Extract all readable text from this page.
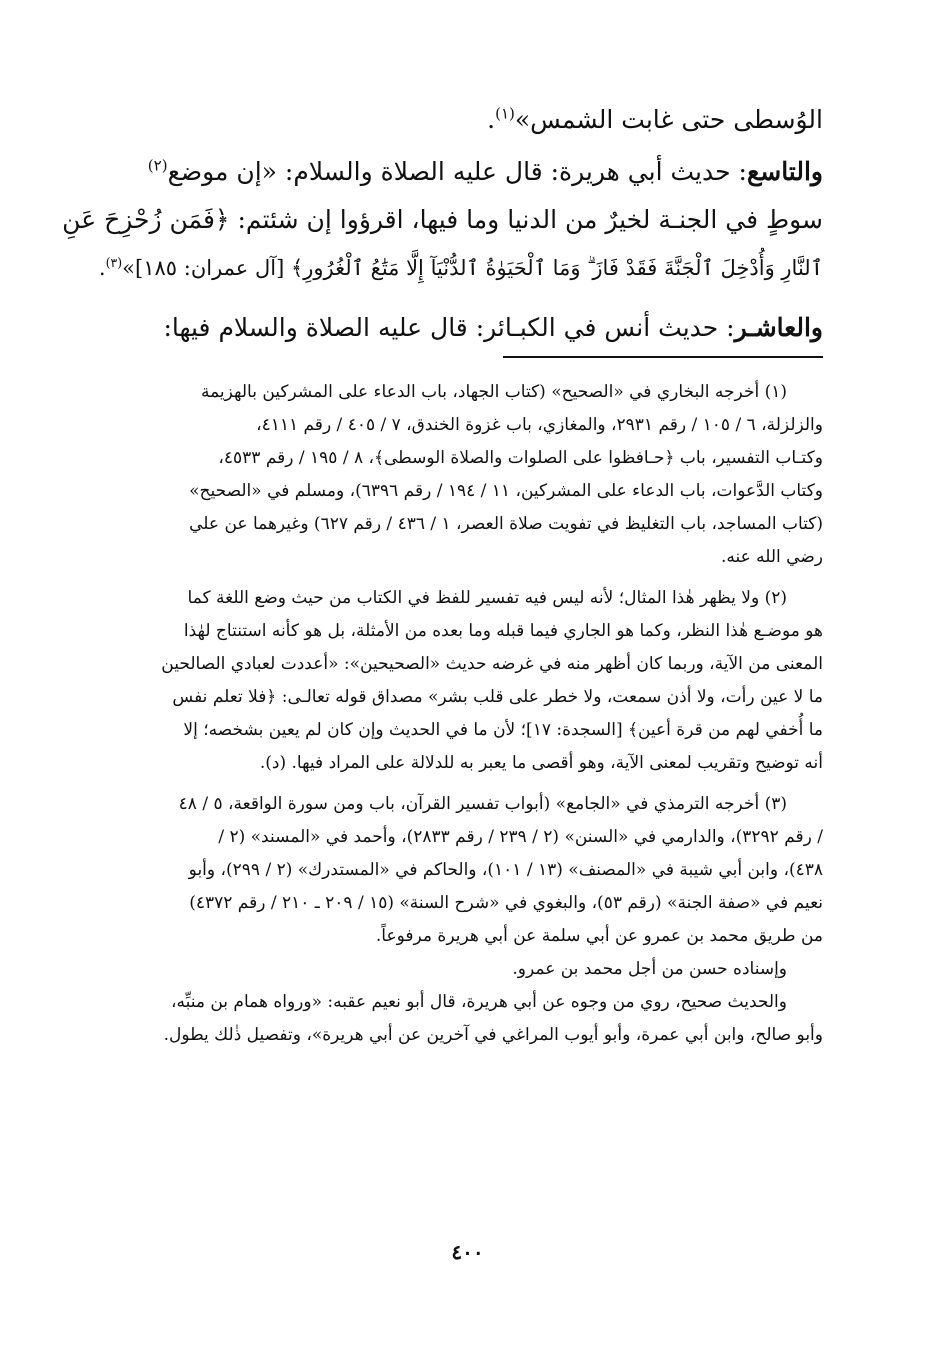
الوُسطى حتى غابت الشمس»$^{(١)}$.
والتاسع: حديث أبي هريرة: قال عليه الصلاة والسلام: «إن موضع$^{(٢)}$
سوطٍ في الجنـة لخيرٌ من الدنيا وما فيها، اقرؤوا إن شئتم: ﴿فَمَن زُحْزِحَ عَنِ
ٱلنَّارِ وَأُدْخِلَ ٱلْجَنَّةَ فَقَدْ فَازَ ۗ وَمَا ٱلْحَيَوٰةُ ٱلدُّنْيَآ إِلَّا مَتَٰعُ ٱلْغُرُورِ﴾ [آل عمران: ١٨٥]»$^{(٣)}$.
والعاشـر: حديث أنس في الكبـائر: قال عليه الصلاة والسلام فيها:

(١) أخرجه البخاري في «الصحيح» (كتاب الجهاد، باب الدعاء على المشركين بالهزيمة

والزلزلة، ٦ / ١٠٥ / رقم ٢٩٣١، والمغازي، باب غزوة الخندق، ٧ / ٤٠٥ / رقم ٤١١١،

وكتـاب التفسير، باب ﴿حـافظوا على الصلوات والصلاة الوسطى﴾، ٨ / ١٩٥ / رقم ٤٥٣٣،

وكتاب الدَّعوات، باب الدعاء على المشركين، ١١ / ١٩٤ / رقم ٦٣٩٦)، ومسلم في «الصحيح»

(كتاب المساجد، باب التغليظ في تفويت صلاة العصر، ١ / ٤٣٦ / رقم ٦٢٧) وغيرهما عن علي

رضي الله عنه.

(٢) ولا يظهر هٰذا المثال؛ لأنه ليس فيه تفسير للفظ في الكتاب من حيث وضع اللغة كما

هو موضـع هٰذا النظر، وكما هو الجاري فيما قبله وما بعده من الأمثلة، بل هو كأنه استنتاج لهٰذا

المعنى من الآية، وربما كان أظهر منه في غرضه حديث «الصحيحين»: «أعددت لعبادي الصالحين

ما لا عين رأت، ولا أذن سمعت، ولا خطر على قلب بشر» مصداق قوله تعالـى: ﴿فلا تعلم نفس

ما أُخفي لهم من قرة أعين﴾ [السجدة: ١٧]؛ لأن ما في الحديث وإن كان لم يعين بشخصه؛ إلا

أنه توضيح وتقريب لمعنى الآية، وهو أقصى ما يعبر به للدلالة على المراد فيها. (د).

(٣) أخرجه الترمذي في «الجامع» (أبواب تفسير القرآن، باب ومن سورة الواقعة، ٥ / ٤٨

/ رقم ٣٢٩٢)، والدارمي في «السنن» (٢ / ٢٣٩ / رقم ٢٨٣٣)، وأحمد في «المسند» (٢ /

٤٣٨)، وابن أبي شيبة في «المصنف» (١٣ / ١٠١)، والحاكم في «المستدرك» (٢ / ٢٩٩)، وأبو

نعيم في «صفة الجنة» (رقم ٥٣)، والبغوي في «شرح السنة» (١٥ / ٢٠٩ ـ ٢١٠ / رقم ٤٣٧٢)

من طريق محمد بن عمرو عن أبي سلمة عن أبي هريرة مرفوعاً.

وإسناده حسن من أجل محمد بن عمرو.

والحديث صحيح، روي من وجوه عن أبي هريرة، قال أبو نعيم عقبه: «ورواه همام بن منبِّه،

وأبو صالح، وابن أبي عمرة، وأبو أيوب المراغي في آخرين عن أبي هريرة»، وتفصيل ذٰلك يطول.

٤٠٠
